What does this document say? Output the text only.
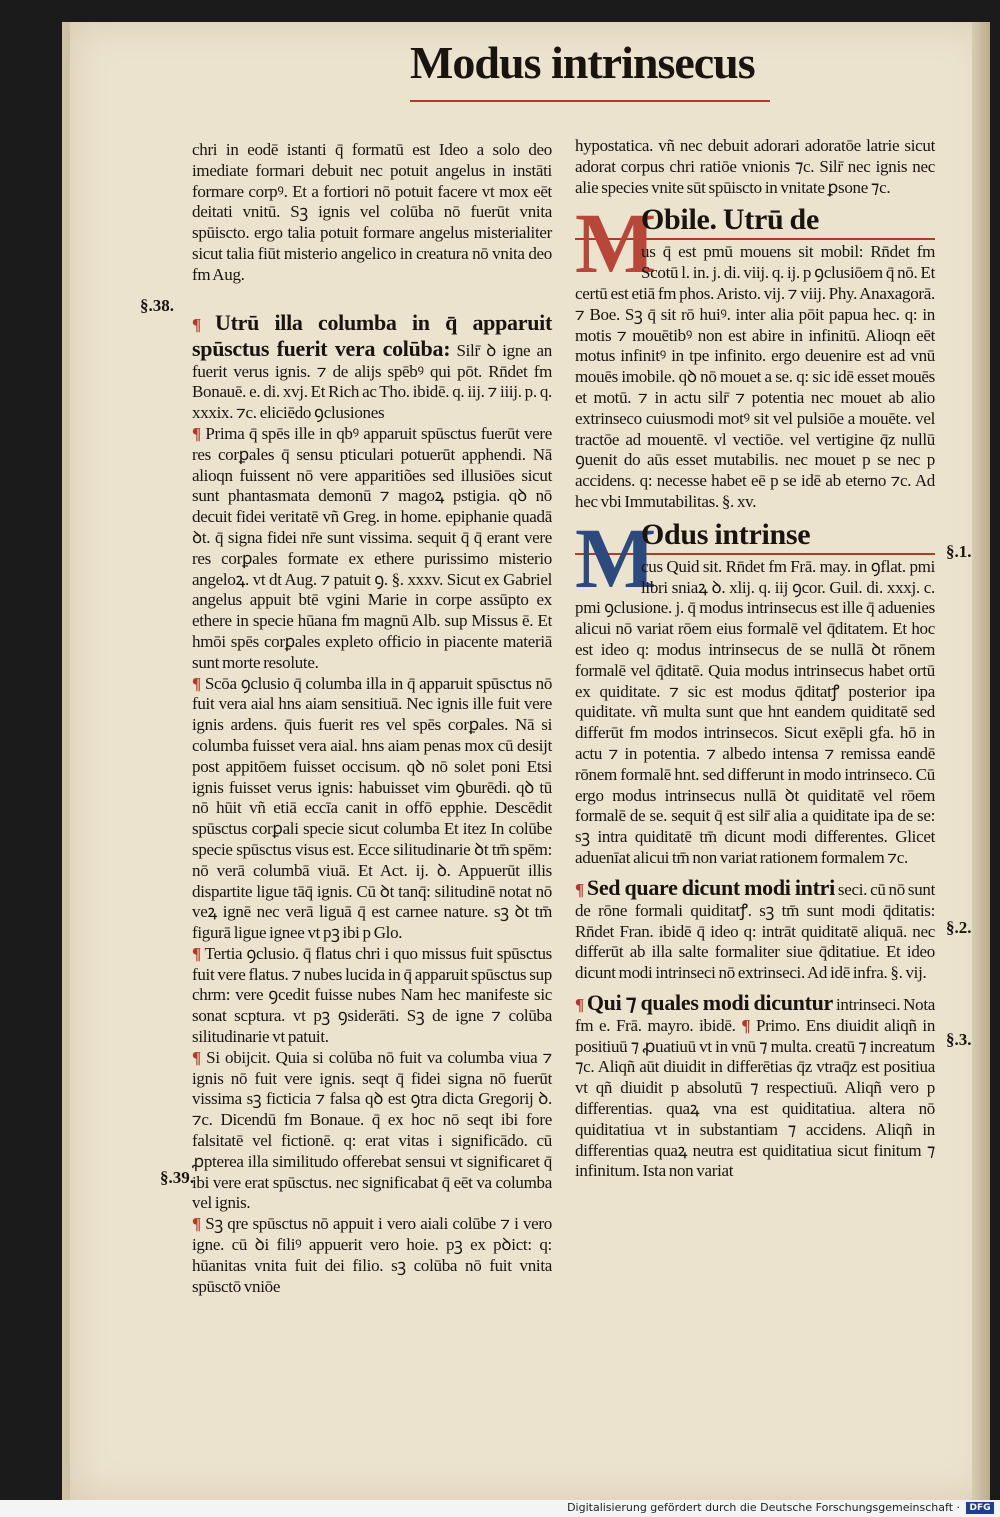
Modus intrinsecus
§.38.
§.39.
§.1.
§.2.
§.3.

chri in eodē istanti q̄ formatū est Ideo a solo deo imediate formari debuit nec potuit angelus in instāti formare corpꝰ. Et a fortiori nō potuit facere vt mox eēt deitati vnitū. Sꝫ ignis vel colūba nō fuerūt vnita spūiscto. ergo talia potuit formare angelus misterialiter sicut talia fiūt misterio angelico in creatura nō vnita deo fm Aug.

¶ Utrū illa columba in q̄ apparuit spūsctus fuerit vera colūba: Silr̄ ꝺ igne an fuerit verus ignis. ⁊ de alijs spēbꝰ qui pōt. Rn̄det fm Bonauē. e. di. xvj. Et Rich ac Tho. ibidē. q. iij. ⁊ iiij. p. q. xxxix. ⁊c. eliciēdo ꝯclusiones

¶ Prima q̄ spēs ille in qbꝰ apparuit spūsctus fuerūt vere res corꝑales q̄ sensu pticulari potuerūt apphendi. Nā alioqn fuissent nō vere apparitiões sed illusiōes sicut sunt phantasmata demonū ⁊ magoꝝ pstigia. qꝺ nō decuit fidei veritatē vñ Greg. in home. epiphanie quadā ꝺt. q̄ signa fidei nr̄e sunt vissima. sequit q̄ q̄ erant vere res corꝑales formate ex ethere purissimo misterio angeloꝝ. vt dt Aug. ⁊ patuit ꝯ. §. xxxv. Sicut ex Gabriel angelus appuit btē vgini Marie in corpe assūpto ex ethere in specie hūana fm magnū Alb. sup Missus ē. Et hmōi spēs corꝑales expleto officio in piacente materiā sunt morte resolute.

¶ Scōa ꝯclusio q̄ columba illa in q̄ apparuit spūsctus nō fuit vera aial hns aiam sensitiuā. Nec ignis ille fuit vere ignis ardens. q̄uis fuerit res vel spēs corꝑales. Nā si columba fuisset vera aial. hns aiam penas mox cū desijt post appitōem fuisset occisum. qꝺ nō solet poni Etsi ignis fuisset verus ignis: habuisset vim ꝯburēdi. qꝺ tū nō hūit vñ etiā eccīa canit in offō epphie. Descēdit spūsctus corꝑali specie sicut columba Et itez In colūbe specie spūsctus visus est. Ecce silitudinarie ꝺt tm̄ spēm: nō verā columbā viuā. Et Act. ij. ꝺ. Appuerūt illis dispartite ligue tāq̄ ignis. Cū ꝺt tanq̄: silitudinē notat nō veꝝ ignē nec verā liguā q̄ est carnee nature. sꝫ ꝺt tm̄ figurā ligue ignee vt pꝫ ibi p Glo.

¶ Tertia ꝯclusio. q̄ flatus chri i quo missus fuit spūsctus fuit vere flatus. ⁊ nubes lucida in q̄ apparuit spūsctus sup chrm: vere ꝯcedit fuisse nubes Nam hec manifeste sic sonat scptura. vt pꝫ ꝯsiderāti. Sꝫ de igne ⁊ colūba silitudinarie vt patuit.

¶ Si obijcit. Quia si colūba nō fuit va columba viua ⁊ ignis nō fuit vere ignis. seqt q̄ fidei signa nō fuerūt vissima sꝫ ficticia ⁊ falsa qꝺ est ꝯtra dicta Gregorij ꝺ. ⁊c. Dicendū fm Bonaue. q̄ ex hoc nō seqt ibi fore falsitatē vel fictionē. q: erat vitas i significādo. cū ꝓpterea illa similitudo offerebat sensui vt significaret q̄ ibi vere erat spūsctus. nec significabat q̄ eēt va columba vel ignis.

¶ Sꝫ qre spūsctus nō appuit i vero aiali colūbe ⁊ i vero igne. cū ꝺi filiꝰ appuerit vero hoie. pꝫ ex pꝺict: q: hūanitas vnita fuit dei filio. sꝫ colūba nō fuit vnita spūsctō vniōe

hypostatica. vñ nec debuit adorari adoratōe latrie sicut adorat corpus chri ratiōe vnionis ⁊c. Silr̄ nec ignis nec alie species vnite sūt spūiscto in vnitate ꝑsone ⁊c.

M
Obile. Utrū de
us q̄ est pmū mouens sit mobil: Rn̄det fm Scotū l. in. j. di. viij. q. ij. p ꝯclusiōem q̄ nō. Et certū est etiā fm phos. Aristo. vij. ⁊ viij. Phy. Anaxagorā. ⁊ Boe. Sꝫ q̄ sit rō huiꝰ. inter alia pōit papua hec. q: in motis ⁊ mouētibꝰ non est abire in infinitū. Alioqn eēt motus infinitꝰ in tpe infinito. ergo deuenire est ad vnū mouēs imobile. qꝺ nō mouet a se. q: sic idē esset mouēs et motū. ⁊ in actu silr̄ ⁊ potentia nec mouet ab alio extrinseco cuiusmodi motꝰ sit vel pulsiōe a mouēte. vel tractōe ad mouentē. vl vectiōe. vel vertigine q̄z nullū ꝯuenit do aūs esset mutabilis. nec mouet p se nec p accidens. q: necesse habet eē p se idē ab eterno ⁊c. Ad hec vbi Immutabilitas. §. xv.

M
Odus intrinse
cus Quid sit. Rn̄det fm Frā. may. in ꝯflat. pmi libri sniaꝝ ꝺ. xlij. q. iij ꝯcor. Guil. di. xxxj. c. pmi ꝯclusione. j. q̄ modus intrinsecus est ille q̄ aduenies alicui nō variat rōem eius formalē vel q̄ditatem. Et hoc est ideo q: modus intrinsecus de se nullā ꝺt rōnem formalē vel q̄ditatē. Quia modus intrinsecus habet ortū ex quiditate. ⁊ sic est modus q̄ditatꝭ posterior ipa quiditate. vñ multa sunt que hnt eandem quiditatē sed differūt fm modos intrinsecos. Sicut exēpli gfa. hō in actu ⁊ in potentia. ⁊ albedo intensa ⁊ remissa eandē rōnem formalē hnt. sed differunt in modo intrinseco. Cū ergo modus intrinsecus nullā ꝺt quiditatē vel rōem formalē de se. sequit q̄ est silr̄ alia a quiditate ipa de se: sꝫ intra quiditatē tm̄ dicunt modi differentes. Glicet aduenīat alicui tm̄ non variat rationem formalem ⁊c.

¶ Sed quare dicunt modi intri seci. cū nō sunt de rōne formali quiditatꝭ. sꝫ tm̄ sunt modi q̄ditatis: Rn̄det Fran. ibidē q̄ ideo q: intrāt quiditatē aliquā. nec differūt ab illa salte formaliter siue q̄ditatiue. Et ideo dicunt modi intrinseci nō extrinseci. Ad idē infra. §. vij.

¶ Qui ⁊ quales modi dicuntur intrinseci. Nota fm e. Frā. mayro. ibidē. ¶ Primo. Ens diuidit aliqñ in positiuū ⁊ ꝓuatiuū vt in vnū ⁊ multa. creatū ⁊ increatum ⁊c. Aliqñ aūt diuidit in differētias q̄z vtraq̄z est positiua vt qñ diuidit p absolutū ⁊ respectiuū. Aliqñ vero p differentias. quaꝝ vna est quiditatiua. altera nō quiditatiua vt in substantiam ⁊ accidens. Aliqñ in differentias quaꝝ neutra est quiditatiua sicut finitum ⁊ infinitum. Ista non variat

Digitalisierung gefördert durch die Deutsche Forschungsgemeinschaft ·	DFG
